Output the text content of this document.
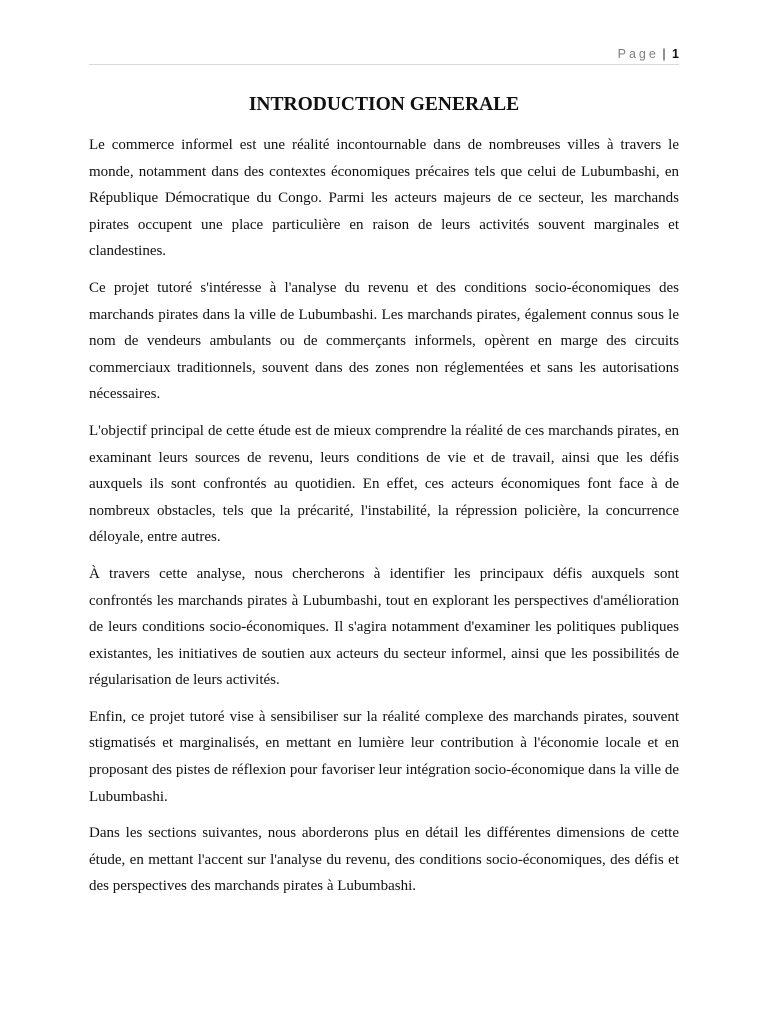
Page | 1
INTRODUCTION GENERALE

Le commerce informel est une réalité incontournable dans de nombreuses villes à travers le monde, notamment dans des contextes économiques précaires tels que celui de Lubumbashi, en République Démocratique du Congo. Parmi les acteurs majeurs de ce secteur, les marchands pirates occupent une place particulière en raison de leurs activités souvent marginales et clandestines.

Ce projet tutoré s'intéresse à l'analyse du revenu et des conditions socio-économiques des marchands pirates dans la ville de Lubumbashi. Les marchands pirates, également connus sous le nom de vendeurs ambulants ou de commerçants informels, opèrent en marge des circuits commerciaux traditionnels, souvent dans des zones non réglementées et sans les autorisations nécessaires.

L'objectif principal de cette étude est de mieux comprendre la réalité de ces marchands pirates, en examinant leurs sources de revenu, leurs conditions de vie et de travail, ainsi que les défis auxquels ils sont confrontés au quotidien. En effet, ces acteurs économiques font face à de nombreux obstacles, tels que la précarité, l'instabilité, la répression policière, la concurrence déloyale, entre autres.

À travers cette analyse, nous chercherons à identifier les principaux défis auxquels sont confrontés les marchands pirates à Lubumbashi, tout en explorant les perspectives d'amélioration de leurs conditions socio-économiques. Il s'agira notamment d'examiner les politiques publiques existantes, les initiatives de soutien aux acteurs du secteur informel, ainsi que les possibilités de régularisation de leurs activités.

Enfin, ce projet tutoré vise à sensibiliser sur la réalité complexe des marchands pirates, souvent stigmatisés et marginalisés, en mettant en lumière leur contribution à l'économie locale et en proposant des pistes de réflexion pour favoriser leur intégration socio-économique dans la ville de Lubumbashi.

Dans les sections suivantes, nous aborderons plus en détail les différentes dimensions de cette étude, en mettant l'accent sur l'analyse du revenu, des conditions socio-économiques, des défis et des perspectives des marchands pirates à Lubumbashi.
